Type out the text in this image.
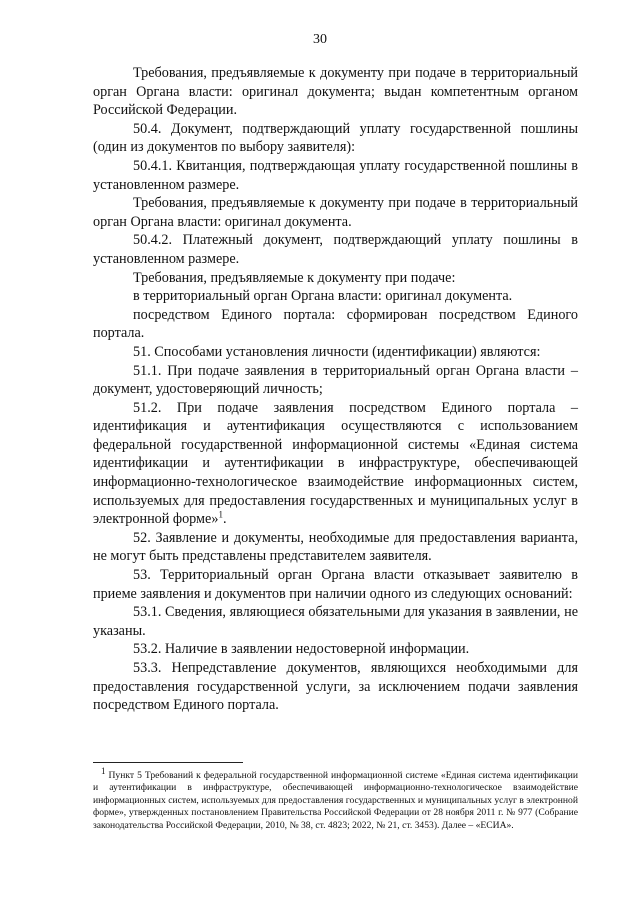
30

Требования, предъявляемые к документу при подаче в территориальный орган Органа власти: оригинал документа; выдан компетентным органом Российской Федерации.

50.4. Документ, подтверждающий уплату государственной пошлины (один из документов по выбору заявителя):

50.4.1. Квитанция, подтверждающая уплату государственной пошлины в установленном размере.

Требования, предъявляемые к документу при подаче в территориальный орган Органа власти: оригинал документа.

50.4.2. Платежный документ, подтверждающий уплату пошлины в установленном размере.

Требования, предъявляемые к документу при подаче:

в территориальный орган Органа власти: оригинал документа.

посредством Единого портала: сформирован посредством Единого портала.

51. Способами установления личности (идентификации) являются:

51.1. При подаче заявления в территориальный орган Органа власти – документ, удостоверяющий личность;

51.2. При подаче заявления посредством Единого портала – идентификация и аутентификация осуществляются с использованием федеральной государственной информационной системы «Единая система идентификации и аутентификации в инфраструктуре, обеспечивающей информационно-технологическое взаимодействие информационных систем, используемых для предоставления государственных и муниципальных услуг в электронной форме»$^1$.

52. Заявление и документы, необходимые для предоставления варианта, не могут быть представлены представителем заявителя.

53. Территориальный орган Органа власти отказывает заявителю в приеме заявления и документов при наличии одного из следующих оснований:

53.1. Сведения, являющиеся обязательными для указания в заявлении, не указаны.

53.2. Наличие в заявлении недостоверной информации.

53.3. Непредставление документов, являющихся необходимыми для предоставления государственной услуги, за исключением подачи заявления посредством Единого портала.

$^1$ Пункт 5 Требований к федеральной государственной информационной системе «Единая система идентификации и аутентификации в инфраструктуре, обеспечивающей информационно-технологическое взаимодействие информационных систем, используемых для предоставления государственных и муниципальных услуг в электронной форме», утвержденных постановлением Правительства Российской Федерации от 28 ноября 2011 г. № 977 (Собрание законодательства Российской Федерации, 2010, № 38, ст. 4823; 2022, № 21, ст. 3453). Далее – «ЕСИА».
